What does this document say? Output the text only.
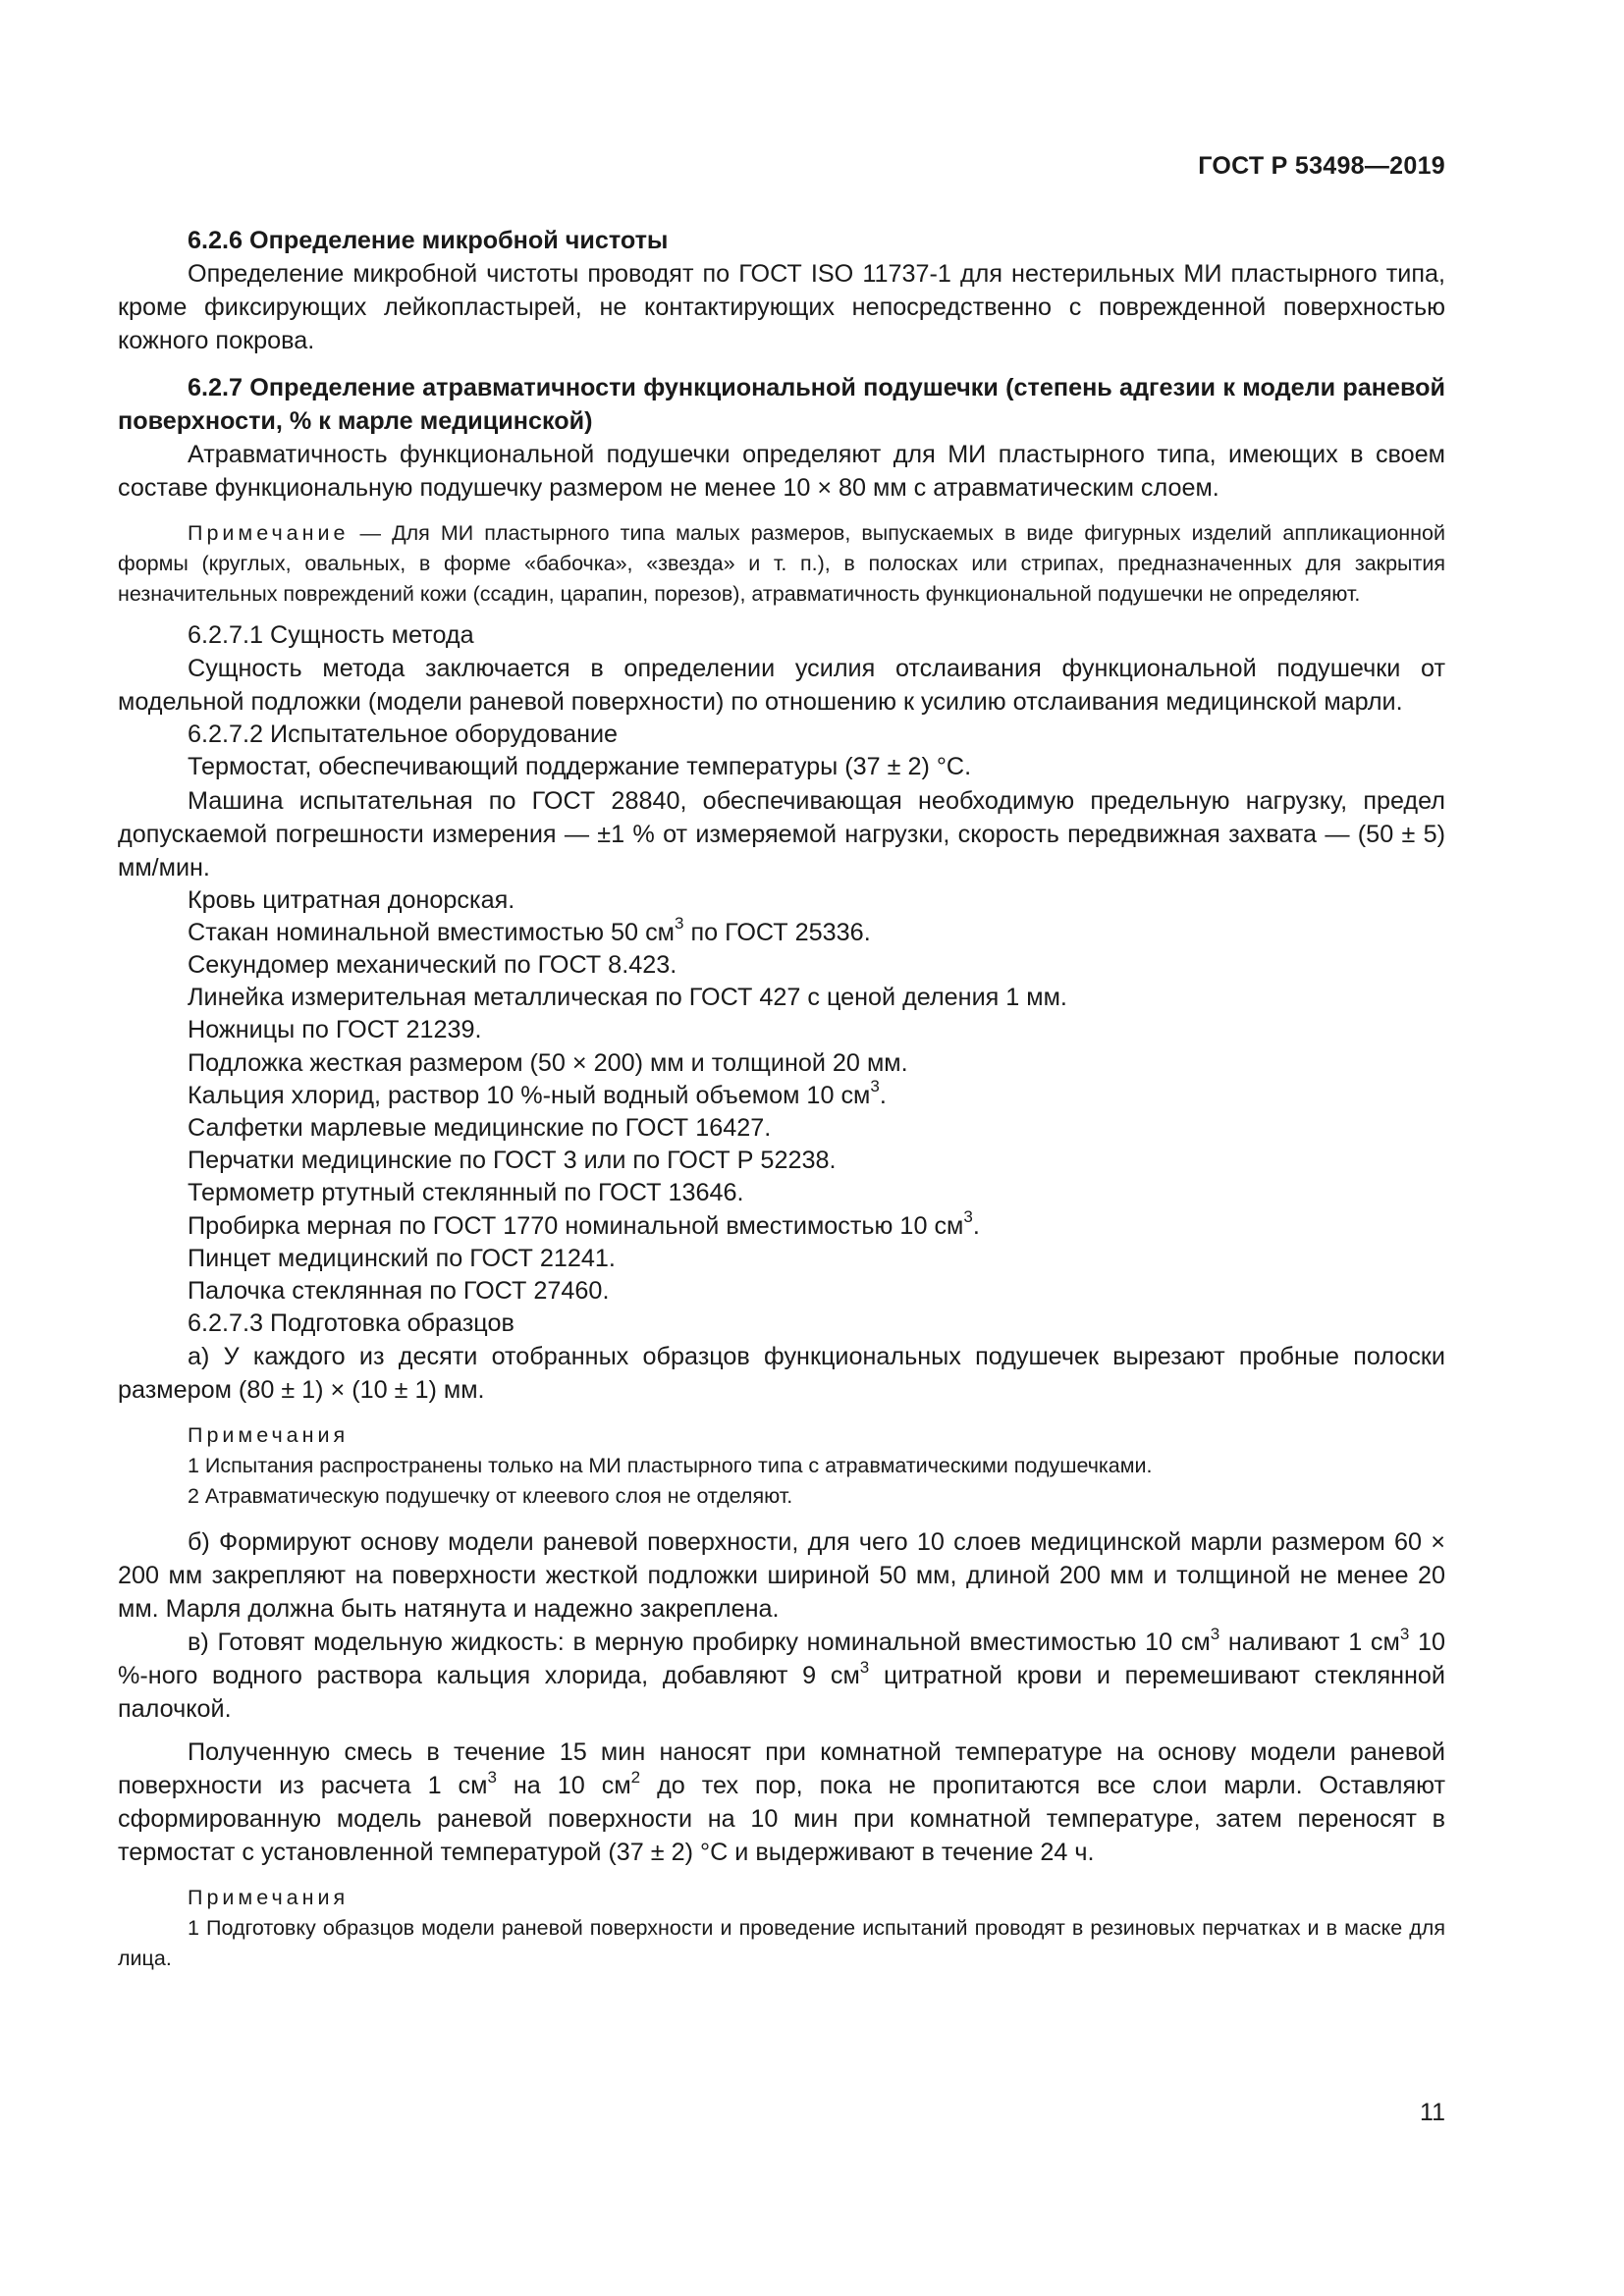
ГОСТ Р 53498—2019

6.2.6 Определение микробной чистоты

Определение микробной чистоты проводят по ГОСТ ISO 11737-1 для нестерильных МИ пластырного типа, кроме фиксирующих лейкопластырей, не контактирующих непосредственно с поврежденной поверхностью кожного покрова.

6.2.7 Определение атравматичности функциональной подушечки (степень адгезии к модели раневой поверхности, % к марле медицинской)

Атравматичность функциональной подушечки определяют для МИ пластырного типа, имеющих в своем составе функциональную подушечку размером не менее 10 × 80 мм с атравматическим слоем.

Примечание — Для МИ пластырного типа малых размеров, выпускаемых в виде фигурных изделий аппликационной формы (круглых, овальных, в форме «бабочка», «звезда» и т. п.), в полосках или стрипах, предназначенных для закрытия незначительных повреждений кожи (ссадин, царапин, порезов), атравматичность функциональной подушечки не определяют.

6.2.7.1 Сущность метода

Сущность метода заключается в определении усилия отслаивания функциональной подушечки от модельной подложки (модели раневой поверхности) по отношению к усилию отслаивания медицинской марли.

6.2.7.2 Испытательное оборудование

Термостат, обеспечивающий поддержание температуры (37 ± 2) °С.

Машина испытательная по ГОСТ 28840, обеспечивающая необходимую предельную нагрузку, предел допускаемой погрешности измерения — ±1 % от измеряемой нагрузки, скорость передвижная захвата — (50 ± 5) мм/мин.

Кровь цитратная донорская.

Стакан номинальной вместимостью 50 $см^3$ по ГОСТ 25336.

Секундомер механический по ГОСТ 8.423.

Линейка измерительная металлическая по ГОСТ 427 с ценой деления 1 мм.

Ножницы по ГОСТ 21239.

Подложка жесткая размером (50 × 200) мм и толщиной 20 мм.

Кальция хлорид, раствор 10 %-ный водный объемом 10 $см^3$.

Салфетки марлевые медицинские по ГОСТ 16427.

Перчатки медицинские по ГОСТ 3 или по ГОСТ Р 52238.

Термометр ртутный стеклянный по ГОСТ 13646.

Пробирка мерная по ГОСТ 1770 номинальной вместимостью 10 $см^3$.

Пинцет медицинский по ГОСТ 21241.

Палочка стеклянная по ГОСТ 27460.

6.2.7.3 Подготовка образцов

а) У каждого из десяти отобранных образцов функциональных подушечек вырезают пробные полоски размером (80 ± 1) × (10 ± 1) мм.

Примечания

1 Испытания распространены только на МИ пластырного типа с атравматическими подушечками.

2 Атравматическую подушечку от клеевого слоя не отделяют.

б) Формируют основу модели раневой поверхности, для чего 10 слоев медицинской марли размером 60 × 200 мм закрепляют на поверхности жесткой подложки шириной 50 мм, длиной 200 мм и толщиной не менее 20 мм. Марля должна быть натянута и надежно закреплена.

в) Готовят модельную жидкость: в мерную пробирку номинальной вместимостью 10 $см^3$ наливают 1 $см^3$ 10 %-ного водного раствора кальция хлорида, добавляют 9 $см^3$ цитратной крови и перемешивают стеклянной палочкой.

Полученную смесь в течение 15 мин наносят при комнатной температуре на основу модели раневой поверхности из расчета 1 $см^3$ на 10 $см^2$ до тех пор, пока не пропитаются все слои марли. Оставляют сформированную модель раневой поверхности на 10 мин при комнатной температуре, затем переносят в термостат с установленной температурой (37 ± 2) °С и выдерживают в течение 24 ч.

Примечания

1 Подготовку образцов модели раневой поверхности и проведение испытаний проводят в резиновых перчатках и в маске для лица.

11
